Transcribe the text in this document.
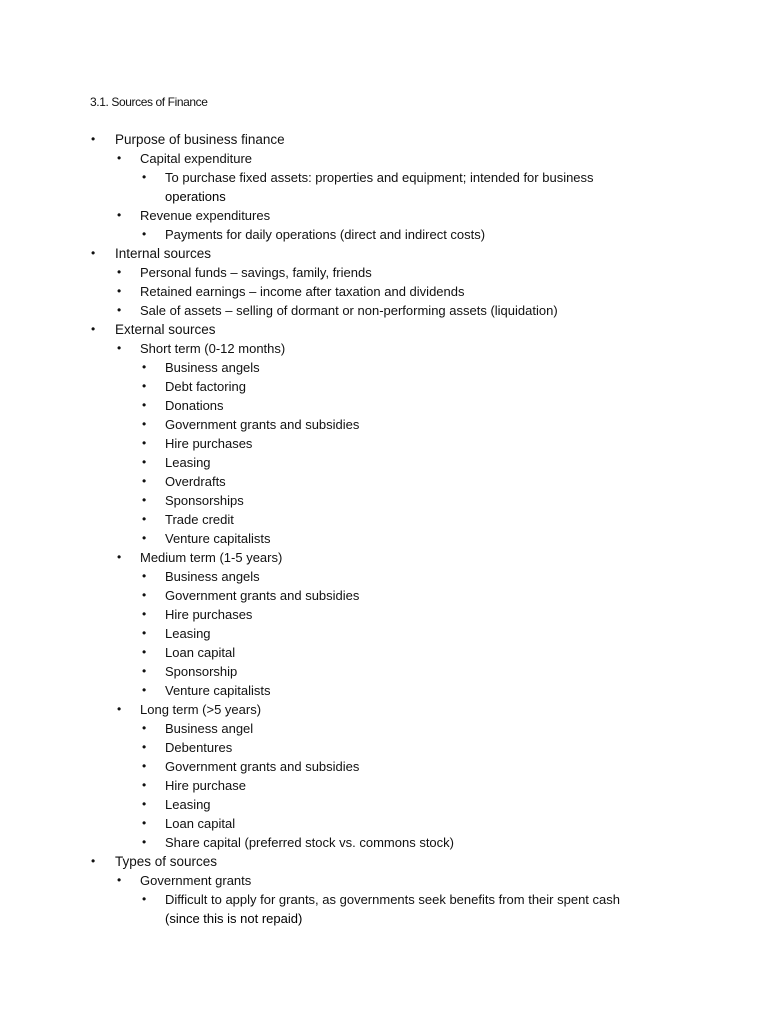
3.1. Sources of Finance
• Purpose of business finance
• Capital expenditure
• To purchase fixed assets: properties and equipment; intended for business
operations
• Revenue expenditures
• Payments for daily operations (direct and indirect costs)
• Internal sources
• Personal funds – savings, family, friends
• Retained earnings – income after taxation and dividends
• Sale of assets – selling of dormant or non-performing assets (liquidation)
• External sources
• Short term (0-12 months)
• Business angels
• Debt factoring
• Donations
• Government grants and subsidies
• Hire purchases
• Leasing
• Overdrafts
• Sponsorships
• Trade credit
• Venture capitalists
• Medium term (1-5 years)
• Business angels
• Government grants and subsidies
• Hire purchases
• Leasing
• Loan capital
• Sponsorship
• Venture capitalists
• Long term (>5 years)
• Business angel
• Debentures
• Government grants and subsidies
• Hire purchase
• Leasing
• Loan capital
• Share capital (preferred stock vs. commons stock)
• Types of sources
• Government grants
• Difficult to apply for grants, as governments seek benefits from their spent cash
(since this is not repaid)
